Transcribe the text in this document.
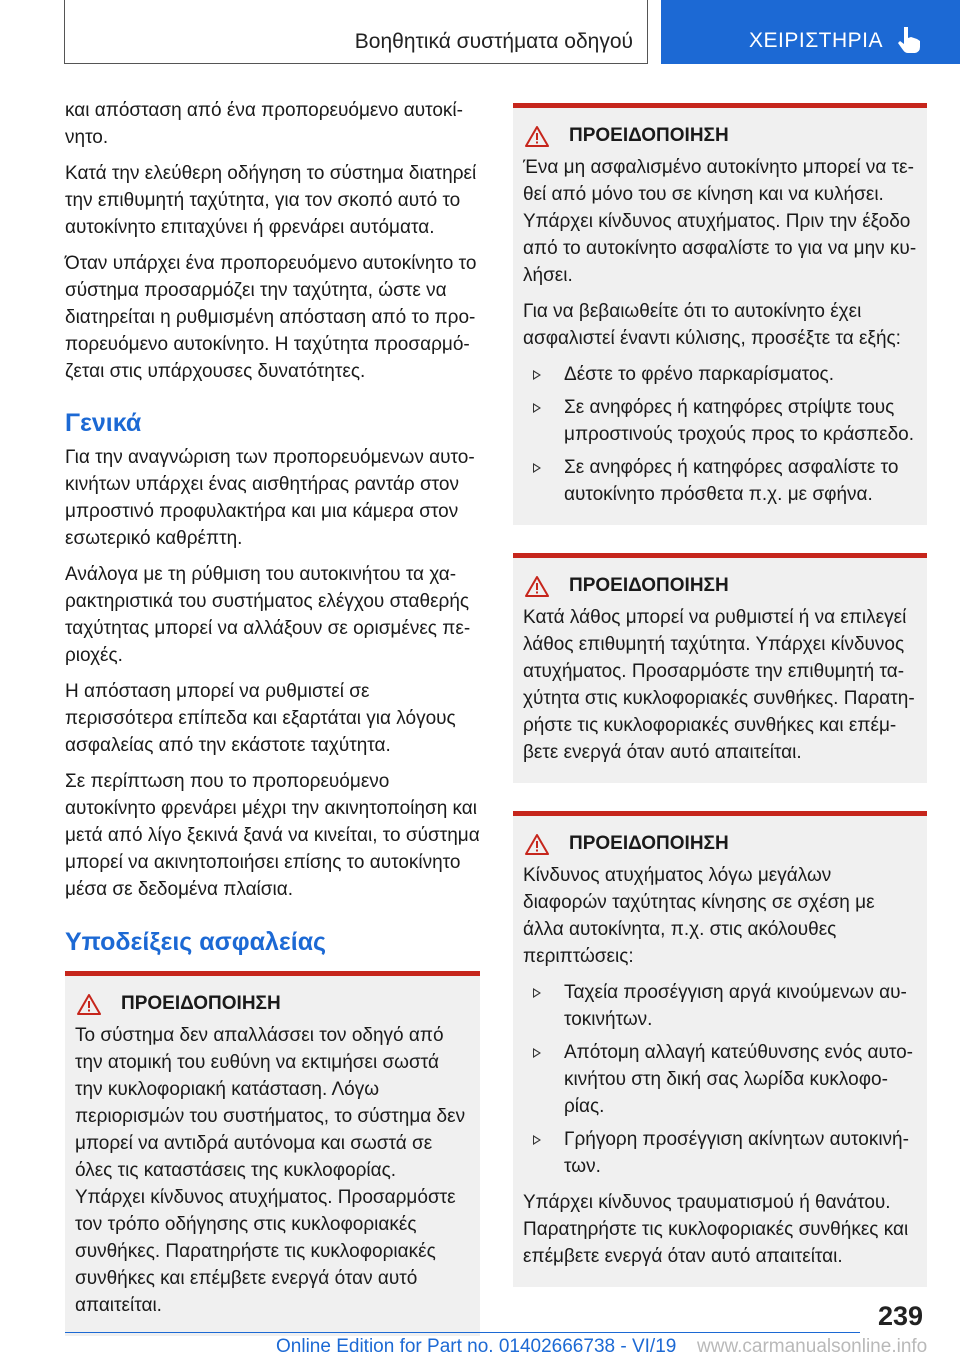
Βοηθητικά συστήματα οδηγού	ΧΕΙΡΙΣΤΗΡΙΑ

και απόσταση από ένα προπορευόμενο αυτοκίνητο.

Κατά την ελεύθερη οδήγηση το σύστημα διατηρεί την επιθυμητή ταχύτητα, για τον σκοπό αυτό το αυτοκίνητο επιταχύνει ή φρενάρει αυτόματα.

Όταν υπάρχει ένα προπορευόμενο αυτοκίνητο το σύστημα προσαρμόζει την ταχύτητα, ώστε να διατηρείται η ρυθμισμένη απόσταση από το προπορευόμενο αυτοκίνητο. Η ταχύτητα προσαρμόζεται στις υπάρχουσες δυνατότητες.

Γενικά

Για την αναγνώριση των προπορευόμενων αυτοκινήτων υπάρχει ένας αισθητήρας ραντάρ στον μπροστινό προφυλακτήρα και μια κάμερα στον εσωτερικό καθρέπτη.

Ανάλογα με τη ρύθμιση του αυτοκινήτου τα χαρακτηριστικά του συστήματος ελέγχου σταθερής ταχύτητας μπορεί να αλλάξουν σε ορισμένες περιοχές.

Η απόσταση μπορεί να ρυθμιστεί σε περισσότερα επίπεδα και εξαρτάται για λόγους ασφαλείας από την εκάστοτε ταχύτητα.

Σε περίπτωση που το προπορευόμενο αυτοκίνητο φρενάρει μέχρι την ακινητοποίηση και μετά από λίγο ξεκινά ξανά να κινείται, το σύστημα μπορεί να ακινητοποιήσει επίσης το αυτοκίνητο μέσα σε δεδομένα πλαίσια.

Υποδείξεις ασφαλείας
ΠΡΟΕΙΔΟΠΟΙΗΣΗ

Το σύστημα δεν απαλλάσσει τον οδηγό από την ατομική του ευθύνη να εκτιμήσει σωστά την κυκλοφοριακή κατάσταση. Λόγω περιορισμών του συστήματος, το σύστημα δεν μπορεί να αντιδρά αυτόνομα και σωστά σε όλες τις καταστάσεις της κυκλοφορίας. Υπάρχει κίνδυνος ατυχήματος. Προσαρμόστε τον τρόπο οδήγησης στις κυκλοφοριακές συνθήκες. Παρατηρήστε τις κυκλοφοριακές συνθήκες και επέμβετε ενεργά όταν αυτό απαιτείται.

ΠΡΟΕΙΔΟΠΟΙΗΣΗ

Ένα μη ασφαλισμένο αυτοκίνητο μπορεί να τεθεί από μόνο του σε κίνηση και να κυλήσει. Υπάρχει κίνδυνος ατυχήματος. Πριν την έξοδο από το αυτοκίνητο ασφαλίστε το για να μην κυλήσει.

Για να βεβαιωθείτε ότι το αυτοκίνητο έχει ασφαλιστεί έναντι κύλισης, προσέξτε τα εξής:

Δέστε το φρένο παρκαρίσματος.
Σε ανηφόρες ή κατηφόρες στρίψτε τους μπροστινούς τροχούς προς το κράσπεδο.
Σε ανηφόρες ή κατηφόρες ασφαλίστε το αυτοκίνητο πρόσθετα π.χ. με σφήνα.
ΠΡΟΕΙΔΟΠΟΙΗΣΗ

Κατά λάθος μπορεί να ρυθμιστεί ή να επιλεγεί λάθος επιθυμητή ταχύτητα. Υπάρχει κίνδυνος ατυχήματος. Προσαρμόστε την επιθυμητή ταχύτητα στις κυκλοφοριακές συνθήκες. Παρατηρήστε τις κυκλοφοριακές συνθήκες και επέμβετε ενεργά όταν αυτό απαιτείται.

ΠΡΟΕΙΔΟΠΟΙΗΣΗ

Κίνδυνος ατυχήματος λόγω μεγάλων διαφορών ταχύτητας κίνησης σε σχέση με άλλα αυτοκίνητα, π.χ. στις ακόλουθες περιπτώσεις:

Ταχεία προσέγγιση αργά κινούμενων αυτοκινήτων.
Απότομη αλλαγή κατεύθυνσης ενός αυτοκινήτου στη δική σας λωρίδα κυκλοφορίας.
Γρήγορη προσέγγιση ακίνητων αυτοκινήτων.

Υπάρχει κίνδυνος τραυματισμού ή θανάτου. Παρατηρήστε τις κυκλοφοριακές συνθήκες και επέμβετε ενεργά όταν αυτό απαιτείται.

239
Online Edition for Part no. 01402666738 - VI/19 www.carmanualsonline.info
